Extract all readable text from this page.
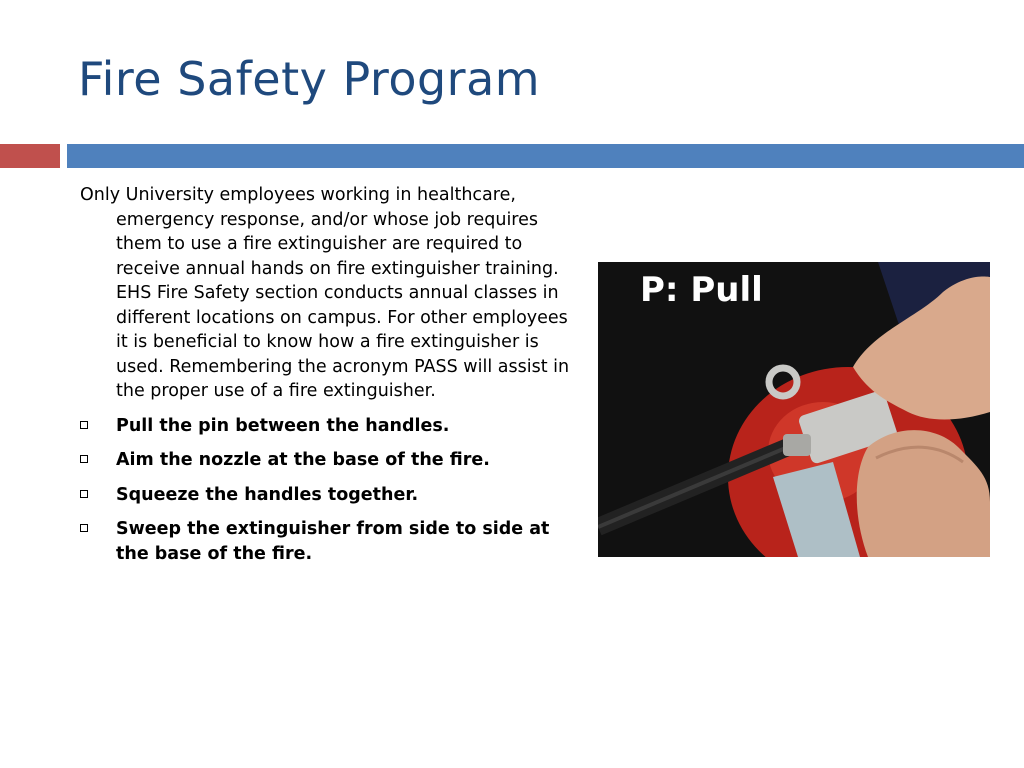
Fire Safety Program

Only University employees working in healthcare, emergency response, and/or whose job requires them to use a fire extinguisher are required to receive annual hands on fire extinguisher training. EHS Fire Safety section conducts annual classes in different locations on campus. For other employees it is beneficial to know how a fire extinguisher is used. Remembering the acronym PASS will assist in the proper use of a fire extinguisher.

Pull the pin between the handles.
Aim the nozzle at the base of the fire.
Squeeze the handles together.
Sweep the extinguisher from side to side at the base of the fire.
P: Pull
